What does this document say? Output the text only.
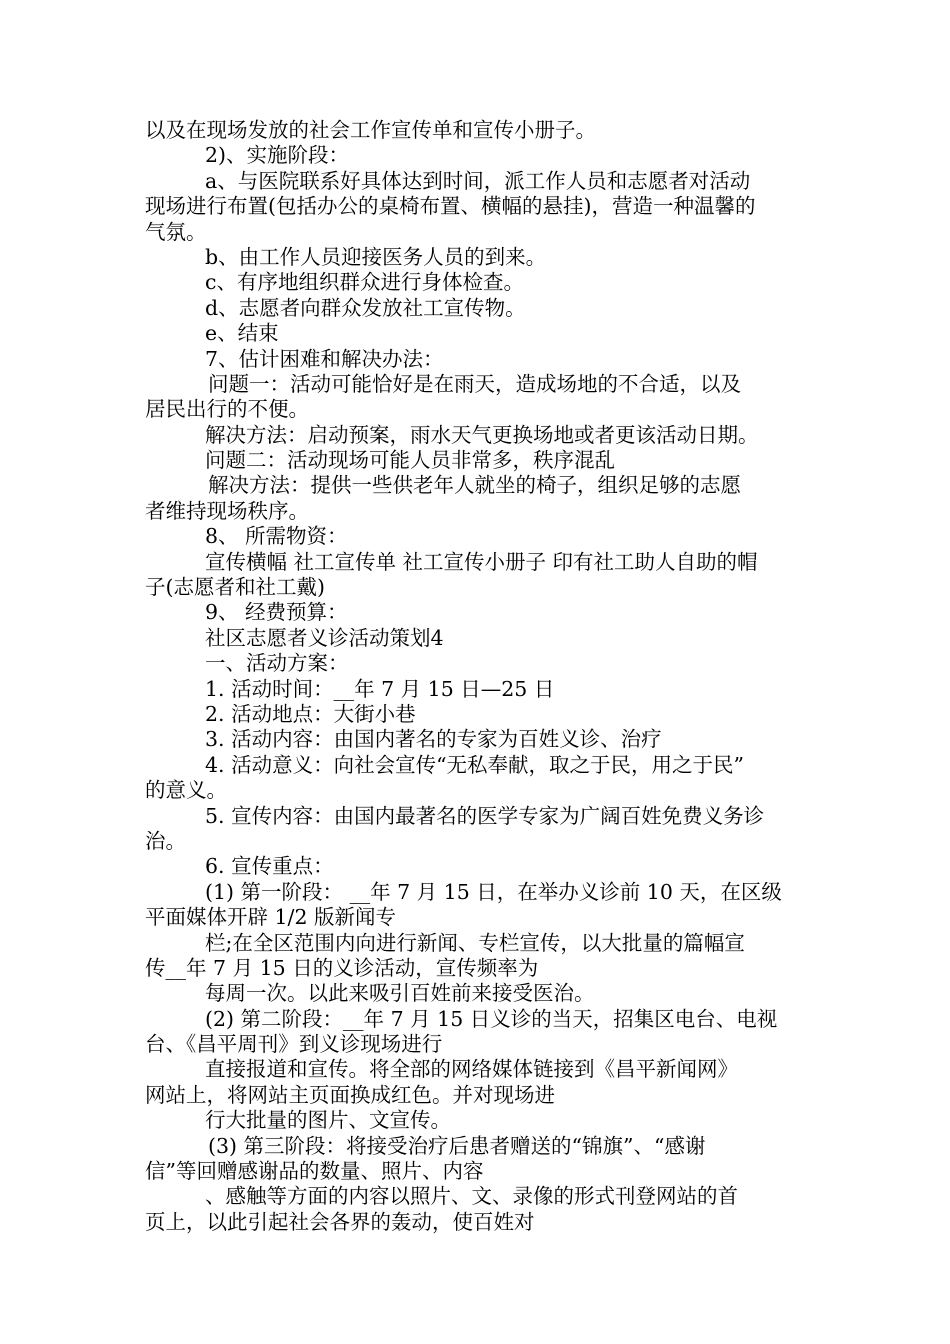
以及在现场发放的社会工作宣传单和宣传小册子。
2)、实施阶段：
a、与医院联系好具体达到时间，派工作人员和志愿者对活动
现场进行布置(包括办公的桌椅布置、横幅的悬挂)，营造一种温馨的
气氛。
b、由工作人员迎接医务人员的到来。
c、有序地组织群众进行身体检查。
d、志愿者向群众发放社工宣传物。
e、结束
7、估计困难和解决办法：
问题一：活动可能恰好是在雨天，造成场地的不合适，以及
居民出行的不便。
解决方法：启动预案，雨水天气更换场地或者更该活动日期。
问题二：活动现场可能人员非常多，秩序混乱
解决方法：提供一些供老年人就坐的椅子，组织足够的志愿
者维持现场秩序。
8、 所需物资：
宣传横幅 社工宣传单 社工宣传小册子 印有社工助人自助的帽
子(志愿者和社工戴)
9、 经费预算：
社区志愿者义诊活动策划4
一、活动方案：
1. 活动时间：__年 7 月 15 日—25 日
2. 活动地点：大街小巷
3. 活动内容：由国内著名的专家为百姓义诊、治疗
4. 活动意义：向社会宣传“无私奉献，取之于民，用之于民”
的意义。
5. 宣传内容：由国内最著名的医学专家为广阔百姓免费义务诊
治。
6. 宣传重点：
(1) 第一阶段： __年 7 月 15 日，在举办义诊前 10 天，在区级
平面媒体开辟 1/2 版新闻专
栏;在全区范围内向进行新闻、专栏宣传，以大批量的篇幅宣
传__年 7 月 15 日的义诊活动，宣传频率为
每周一次。以此来吸引百姓前来接受医治。
(2) 第二阶段：__年 7 月 15 日义诊的当天，招集区电台、电视
台、《昌平周刊》到义诊现场进行
直接报道和宣传。将全部的网络媒体链接到《昌平新闻网》
网站上，将网站主页面换成红色。并对现场进
行大批量的图片、文宣传。
(3) 第三阶段：将接受治疗后患者赠送的“锦旗”、“感谢
信”等回赠感谢品的数量、照片、内容
、感触等方面的内容以照片、文、录像的形式刊登网站的首
页上，以此引起社会各界的轰动，使百姓对
